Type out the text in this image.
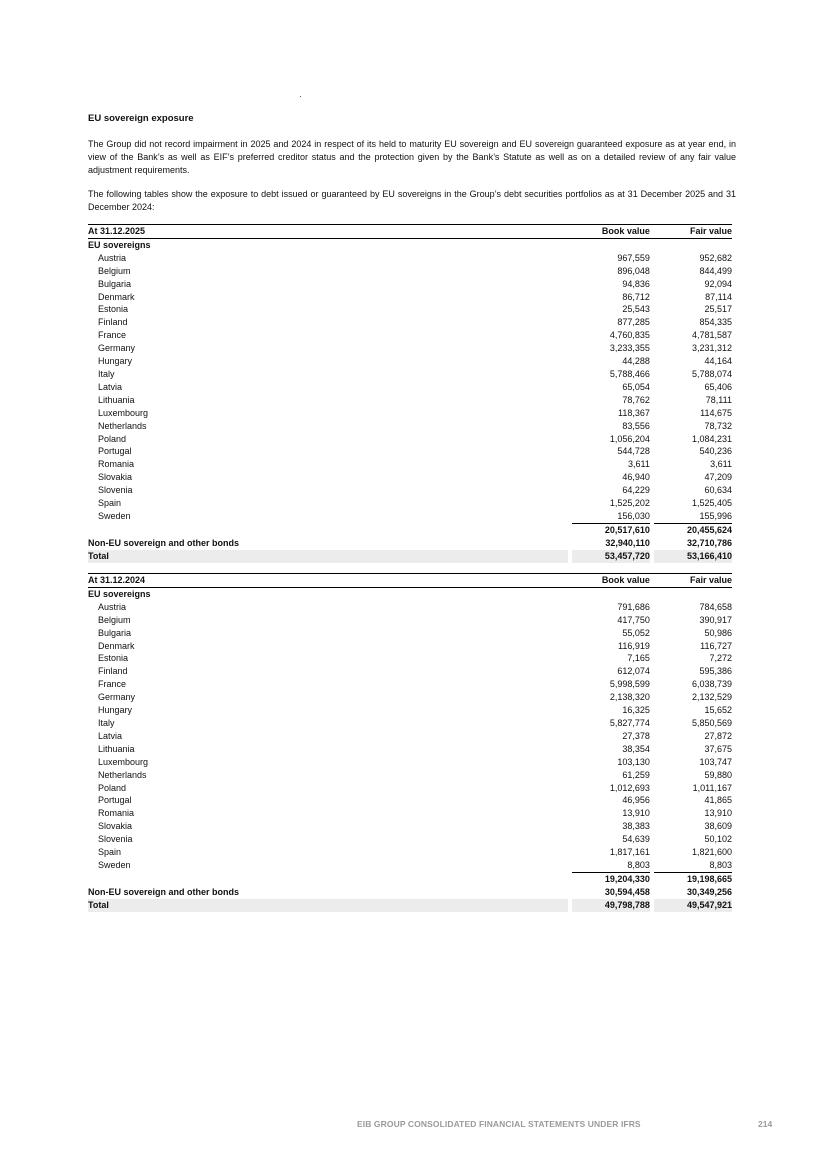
EU sovereign exposure

The Group did not record impairment in 2025 and 2024 in respect of its held to maturity EU sovereign and EU sovereign guaranteed exposure as at year end, in view of the Bank’s as well as EIF’s preferred creditor status and the protection given by the Bank’s Statute as well as on a detailed review of any fair value adjustment requirements.

The following tables show the exposure to debt issued or guaranteed by EU sovereigns in the Group’s debt securities portfolios as at 31 December 2025 and 31 December 2024:

At 31.12.2025		Book value		Fair value
EU sovereigns				
Austria		967,559		952,682
Belgium		896,048		844,499
Bulgaria		94,836		92,094
Denmark		86,712		87,114
Estonia		25,543		25,517
Finland		877,285		854,335
France		4,760,835		4,781,587
Germany		3,233,355		3,231,312
Hungary		44,288		44,164
Italy		5,788,466		5,788,074
Latvia		65,054		65,406
Lithuania		78,762		78,111
Luxembourg		118,367		114,675
Netherlands		83,556		78,732
Poland		1,056,204		1,084,231
Portugal		544,728		540,236
Romania		3,611		3,611
Slovakia		46,940		47,209
Slovenia		64,229		60,634
Spain		1,525,202		1,525,405
Sweden		156,030		155,996
		20,517,610		20,455,624
Non-EU sovereign and other bonds		32,940,110		32,710,786
Total		53,457,720		53,166,410
At 31.12.2024		Book value		Fair value
EU sovereigns				
Austria		791,686		784,658
Belgium		417,750		390,917
Bulgaria		55,052		50,986
Denmark		116,919		116,727
Estonia		7,165		7,272
Finland		612,074		595,386
France		5,998,599		6,038,739
Germany		2,138,320		2,132,529
Hungary		16,325		15,652
Italy		5,827,774		5,850,569
Latvia		27,378		27,872
Lithuania		38,354		37,675
Luxembourg		103,130		103,747
Netherlands		61,259		59,880
Poland		1,012,693		1,011,167
Portugal		46,956		41,865
Romania		13,910		13,910
Slovakia		38,383		38,609
Slovenia		54,639		50,102
Spain		1,817,161		1,821,600
Sweden		8,803		8,803
		19,204,330		19,198,665
Non-EU sovereign and other bonds		30,594,458		30,349,256
Total		49,798,788		49,547,921
EIB GROUP CONSOLIDATED FINANCIAL STATEMENTS UNDER IFRS	214
